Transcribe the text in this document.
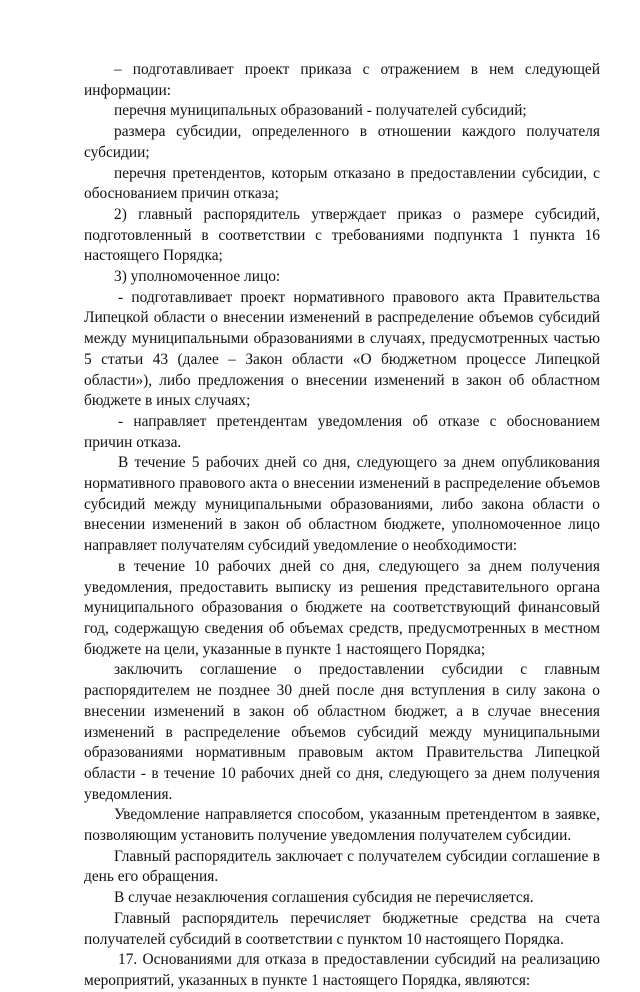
– подготавливает проект приказа с отражением в нем следующей информации:

перечня муниципальных образований - получателей субсидий;

размера субсидии, определенного в отношении каждого получателя субсидии;

перечня претендентов, которым отказано в предоставлении субсидии, с обоснованием причин отказа;

2) главный распорядитель утверждает приказ о размере субсидий, подготовленный в соответствии с требованиями подпункта 1 пункта 16 настоящего Порядка;

3) уполномоченное лицо:

- подготавливает проект нормативного правового акта Правительства Липецкой области о внесении изменений в распределение объемов субсидий между муниципальными образованиями в случаях, предусмотренных частью 5 статьи 43 (далее – Закон области «О бюджетном процессе Липецкой области»), либо предложения о внесении изменений в закон об областном бюджете в иных случаях;

- направляет претендентам уведомления об отказе с обоснованием причин отказа.

В течение 5 рабочих дней со дня, следующего за днем опубликования нормативного правового акта о внесении изменений в распределение объемов субсидий между муниципальными образованиями, либо закона области о внесении изменений в закон об областном бюджете, уполномоченное лицо направляет получателям субсидий уведомление о необходимости:

в течение 10 рабочих дней со дня, следующего за днем получения уведомления, предоставить выписку из решения представительного органа муниципального образования о бюджете на соответствующий финансовый год, содержащую сведения об объемах средств, предусмотренных в местном бюджете на цели, указанные в пункте 1 настоящего Порядка;

заключить соглашение о предоставлении субсидии с главным распорядителем не позднее 30 дней после дня вступления в силу закона о внесении изменений в закон об областном бюджет, а в случае внесения изменений в распределение объемов субсидий между муниципальными образованиями нормативным правовым актом Правительства Липецкой области - в течение 10 рабочих дней со дня, следующего за днем получения уведомления.

Уведомление направляется способом, указанным претендентом в заявке, позволяющим установить получение уведомления получателем субсидии.

Главный распорядитель заключает с получателем субсидии соглашение в день его обращения.

В случае незаключения соглашения субсидия не перечисляется.

Главный распорядитель перечисляет бюджетные средства на счета получателей субсидий в соответствии с пунктом 10 настоящего Порядка.

17. Основаниями для отказа в предоставлении субсидий на реализацию мероприятий, указанных в пункте 1 настоящего Порядка, являются:
